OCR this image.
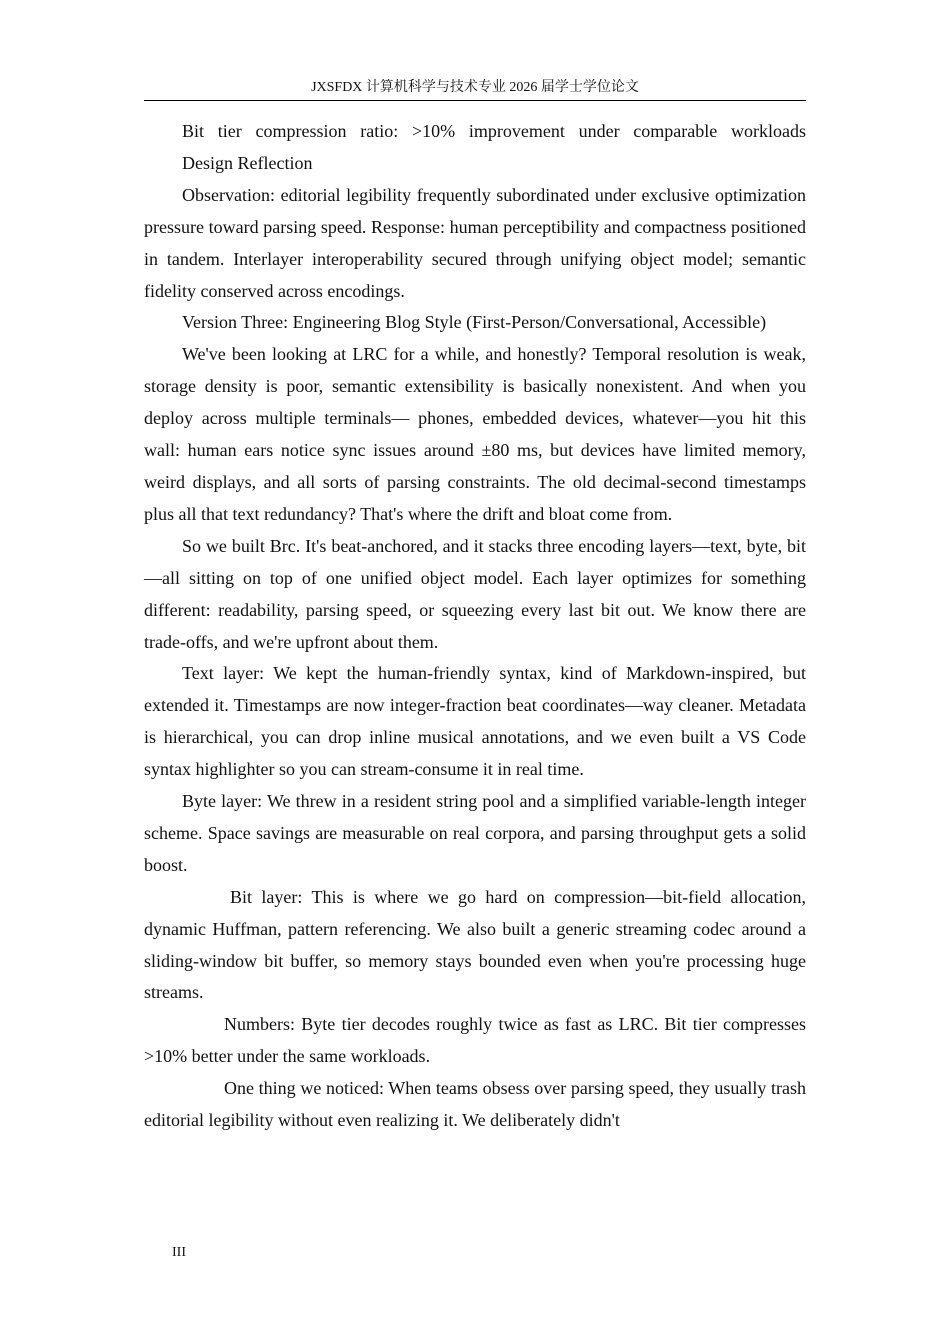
JXSFDX 计算机科学与技术专业 2026 届学士学位论文

Bit tier compression ratio: >10% improvement under comparable workloads

Design Reflection

Observation: editorial legibility frequently subordinated under exclusive optimization pressure toward parsing speed. Response: human perceptibility and compactness positioned in tandem. Interlayer interoperability secured through unifying object model; semantic fidelity conserved across encodings.

Version Three: Engineering Blog Style (First-Person/Conversational, Accessible)

We've been looking at LRC for a while, and honestly? Temporal resolution is weak, storage density is poor, semantic extensibility is basically nonexistent. And when you deploy across multiple terminals— phones, embedded devices, whatever—you hit this wall: human ears notice sync issues around ±80 ms, but devices have limited memory, weird displays, and all sorts of parsing constraints. The old decimal-second timestamps plus all that text redundancy? That's where the drift and bloat come from.

So we built Brc. It's beat-anchored, and it stacks three encoding layers—text, byte, bit—all sitting on top of one unified object model. Each layer optimizes for something different: readability, parsing speed, or squeezing every last bit out. We know there are trade-offs, and we're upfront about them.

Text layer: We kept the human-friendly syntax, kind of Markdown-inspired, but extended it. Timestamps are now integer-fraction beat coordinates—way cleaner. Metadata is hierarchical, you can drop inline musical annotations, and we even built a VS Code syntax highlighter so you can stream-consume it in real time.

Byte layer: We threw in a resident string pool and a simplified variable-length integer scheme. Space savings are measurable on real corpora, and parsing throughput gets a solid boost.

Bit layer: This is where we go hard on compression—bit-field allocation, dynamic Huffman, pattern referencing. We also built a generic streaming codec around a sliding-window bit buffer, so memory stays bounded even when you're processing huge streams.

Numbers: Byte tier decodes roughly twice as fast as LRC. Bit tier compresses >10% better under the same workloads.

One thing we noticed: When teams obsess over parsing speed, they usually trash editorial legibility without even realizing it. We deliberately didn't

III
